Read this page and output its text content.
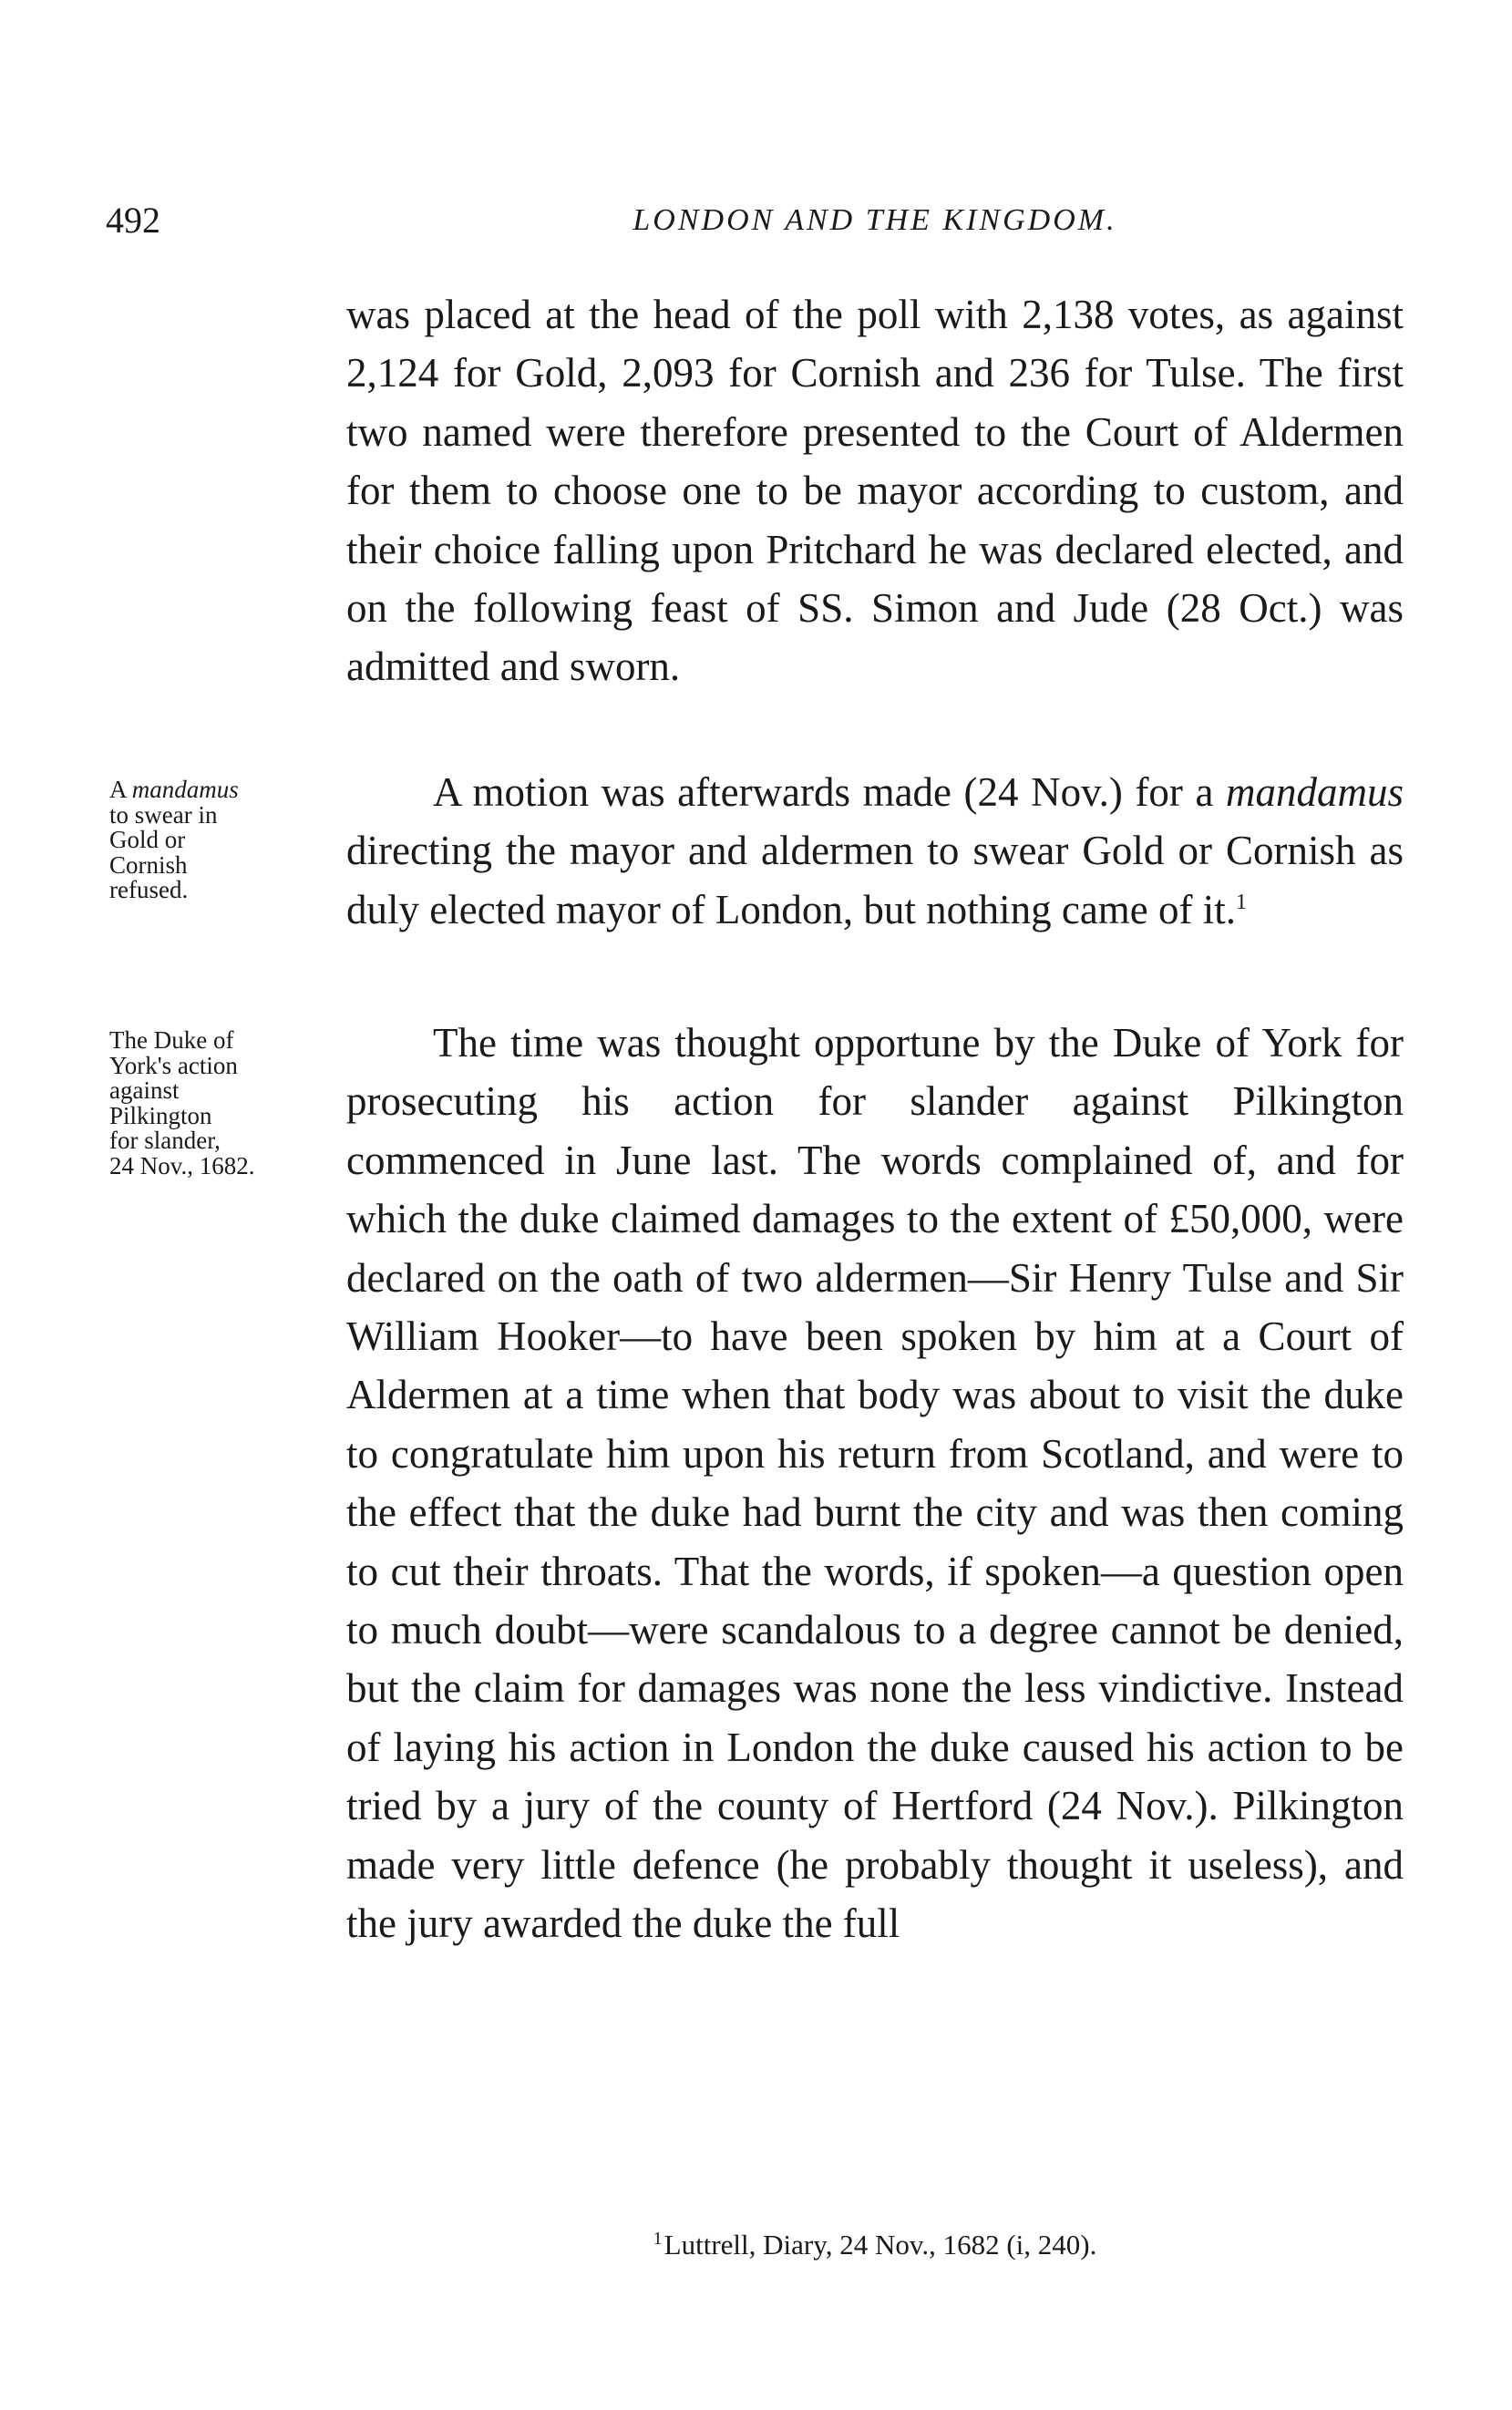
492	LONDON AND THE KINGDOM.

was placed at the head of the poll with 2,138 votes, as against 2,124 for Gold, 2,093 for Cornish and 236 for Tulse. The first two named were therefore presented to the Court of Aldermen for them to choose one to be mayor according to custom, and their choice falling upon Pritchard he was declared elected, and on the following feast of SS. Simon and Jude (28 Oct.) was admitted and sworn.

A motion was afterwards made (24 Nov.) for a mandamus directing the mayor and aldermen to swear Gold or Cornish as duly elected mayor of London, but nothing came of it.$^1$

The time was thought opportune by the Duke of York for prosecuting his action for slander against Pilkington commenced in June last. The words complained of, and for which the duke claimed damages to the extent of £50,000, were declared on the oath of two aldermen—Sir Henry Tulse and Sir William Hooker—to have been spoken by him at a Court of Aldermen at a time when that body was about to visit the duke to congratulate him upon his return from Scotland, and were to the effect that the duke had burnt the city and was then coming to cut their throats. That the words, if spoken—a question open to much doubt—were scandalous to a degree cannot be denied, but the claim for damages was none the less vindictive. Instead of laying his action in London the duke caused his action to be tried by a jury of the county of Hertford (24 Nov.). Pilkington made very little defence (he probably thought it useless), and the jury awarded the duke the full

A mandamus
to swear in
Gold or
Cornish
refused.
The Duke of
York's action
against
Pilkington
for slander,
24 Nov., 1682.
$^1$Luttrell, Diary, 24 Nov., 1682 (i, 240).
